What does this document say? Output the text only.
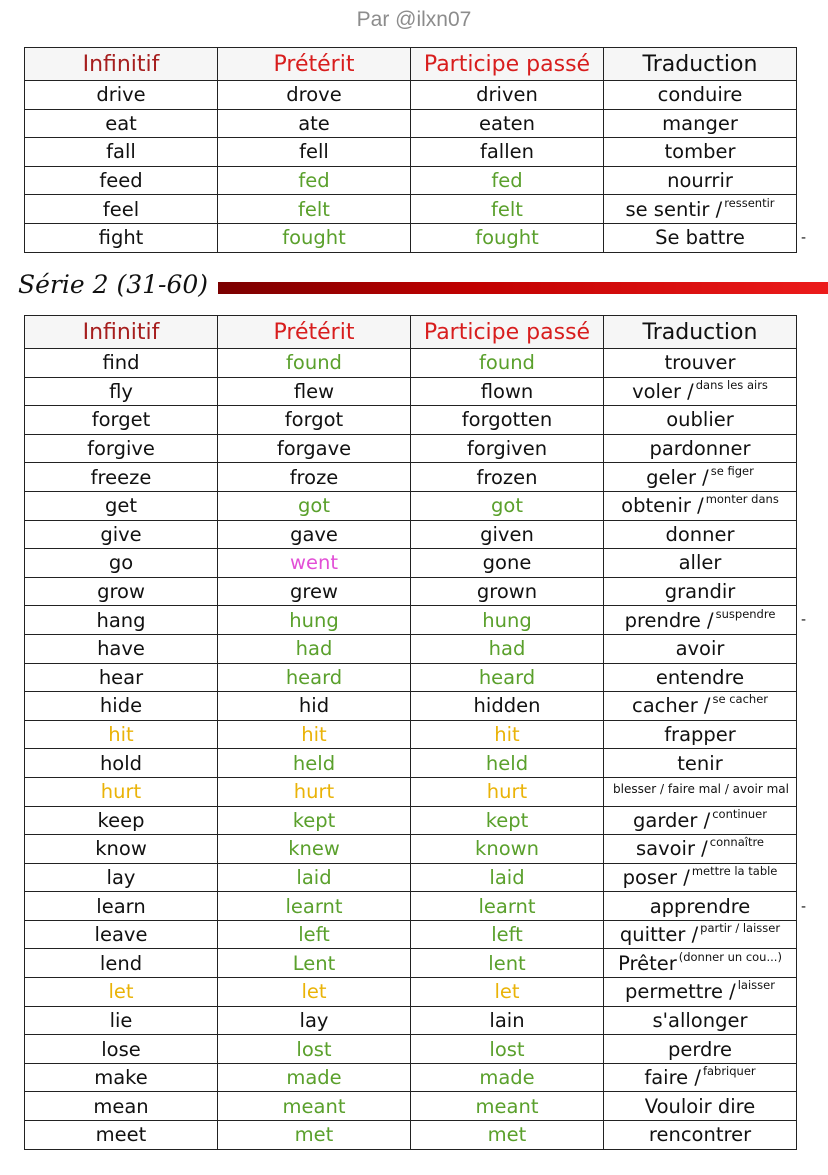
Par @ilxn07
Infinitif	Prétérit	Participe passé	Traduction
drive	drove	driven	conduire
eat	ate	eaten	manger
fall	fell	fallen	tomber
feed	fed	fed	nourrir
feel	felt	felt	se sentir / $^{ressentir}$
fight	fought	fought	Se battre
Série 2 (31-60)
Infinitif	Prétérit	Participe passé	Traduction
find	found	found	trouver
fly	flew	flown	voler / $^{dans les airs}$
forget	forgot	forgotten	oublier
forgive	forgave	forgiven	pardonner
freeze	froze	frozen	geler / $^{se figer}$
get	got	got	obtenir / $^{monter dans}$
give	gave	given	donner
go	went	gone	aller
grow	grew	grown	grandir
hang	hung	hung	prendre / $^{suspendre}$
have	had	had	avoir
hear	heard	heard	entendre
hide	hid	hidden	cacher / $^{se cacher}$
hit	hit	hit	frapper
hold	held	held	tenir
hurt	hurt	hurt	$^{blesser / faire mal / avoir mal}$
keep	kept	kept	garder / $^{continuer}$
know	knew	known	savoir / $^{connaître}$
lay	laid	laid	poser / $^{mettre la table}$
learn	learnt	learnt	apprendre
leave	left	left	quitter / $^{partir / laisser}$
lend	Lent	lent	Prêter $^{(donner un cou...)}$
let	let	let	permettre / $^{laisser}$
lie	lay	lain	s'allonger
lose	lost	lost	perdre
make	made	made	faire / $^{fabriquer}$
mean	meant	meant	Vouloir dire
meet	met	met	rencontrer
-
-
-
